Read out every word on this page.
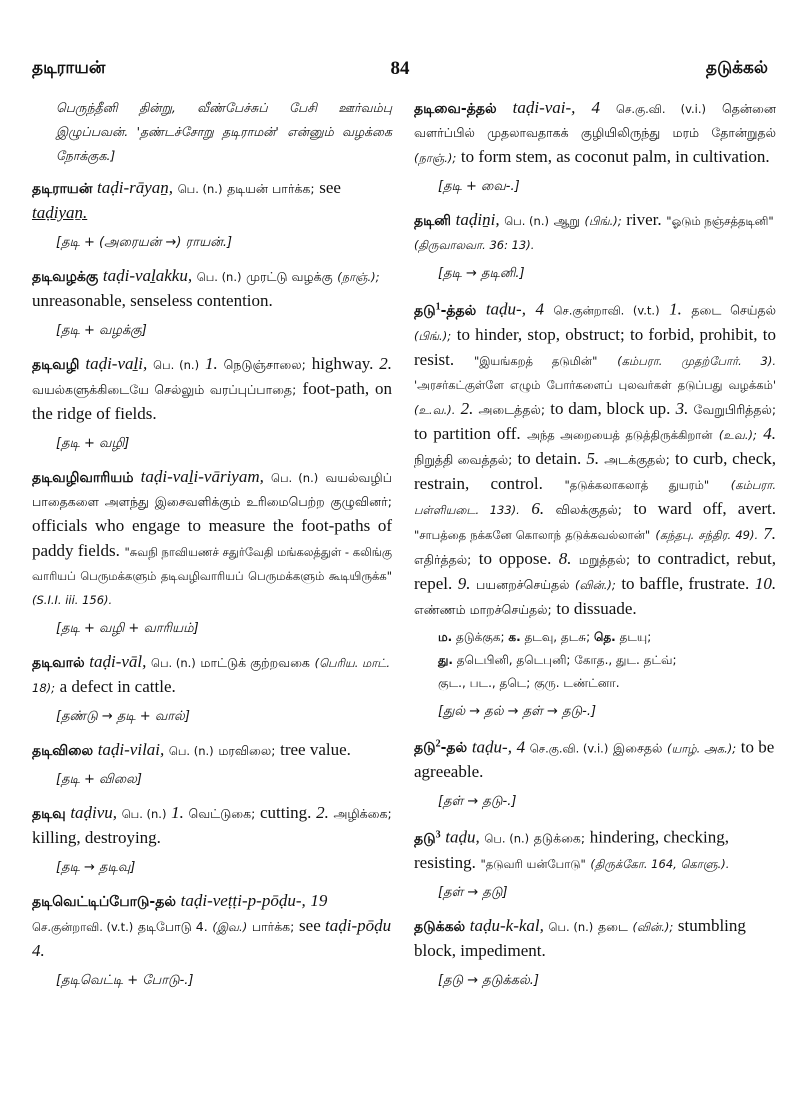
தடிராயன்	84	தடுக்கல்
பெருந்தீனி தின்று, வீண்பேச்சுப் பேசி ஊர்வம்பு இழுப்பவன். 'தண்டச்சோறு தடிராமன்' என்னும் வழக்கை நோக்குக.]
தடிராயன் taḍi-rāyaṉ, பெ. (n.) தடியன் பார்க்க; see taḍiyaṉ.
[தடி + (அரையன் →) ராயன்.]
தடிவழக்கு taḍi-vaḻakku, பெ. (n.) முரட்டு வழக்கு (நாஞ்.); unreasonable, senseless contention.
[தடி + வழக்கு]
தடிவழி taḍi-vaḻi, பெ. (n.) 1. நெடுஞ்சாலை; highway. 2. வயல்களுக்கிடையே செல்லும் வரப்புப்பாதை; foot-path, on the ridge of fields.
[தடி + வழி]
தடிவழிவாரியம் taḍi-vaḻi-vāriyam, பெ. (n.) வயல்வழிப் பாதைகளை அளந்து இசைவளிக்கும் உரிமைபெற்ற குழுவினர்; officials who engage to measure the foot-paths of paddy fields. "சுவநி நாவியணச் சதுர்வேதி மங்கலத்துள் - கலிங்கு வாரியப் பெருமக்களும் தடிவழிவாரியப் பெருமக்களும் கூடியிருக்க" (S.I.I. iii. 156).
[தடி + வழி + வாரியம்]
தடிவால் taḍi-vāl, பெ. (n.) மாட்டுக் குற்றவகை (பெரிய. மாட். 18); a defect in cattle.
[தண்டு → தடி + வால்]
தடிவிலை taḍi-vilai, பெ. (n.) மரவிலை; tree value.
[தடி + விலை]
தடிவு taḍivu, பெ. (n.) 1. வெட்டுகை; cutting. 2. அழிக்கை; killing, destroying.
[தடி → தடிவு]
தடிவெட்டிப்போடு-தல் taḍi-veṭṭi-p-pōḍu-, 19 செ.குன்றாவி. (v.t.) தடிபோடு 4. (இவ.) பார்க்க; see taḍi-pōḍu 4.
[தடிவெட்டி + போடு-.]
தடிவை-த்தல் taḍi-vai-, 4 செ.கு.வி. (v.i.) தென்னை வளர்ப்பில் முதலாவதாகக் குழியிலிருந்து மரம் தோன்றுதல் (நாஞ்.); to form stem, as coconut palm, in cultivation.
[தடி + வை-.]
தடினி taḍiṉi, பெ. (n.) ஆறு (பிங்.); river. "ஓடும் நஞ்சத்தடினி" (திருவாலவா. 36: 13).
[தடி → தடினி.]
தடு$^1$-த்தல் taḍu-, 4 செ.குன்றாவி. (v.t.) 1. தடை செய்தல் (பிங்.); to hinder, stop, obstruct; to forbid, prohibit, to resist. "இயங்கறத் தடுமின்" (கம்பரா. முதற்போர். 3). 'அரசர்கட்குள்ளே எழும் போர்களைப் புலவர்கள் தடுப்பது வழக்கம்' (உ.வ.). 2. அடைத்தல்; to dam, block up. 3. வேறுபிரித்தல்; to partition off. அந்த அறையைத் தடுத்திருக்கிறான் (உவ.); 4. நிறுத்தி வைத்தல்; to detain. 5. அடக்குதல்; to curb, check, restrain, control. "தடுக்கலாகலாத் துயரம்" (கம்பரா. பள்ளியடை. 133). 6. விலக்குதல்; to ward off, avert. "சாபத்தை நக்கனே கொலாந் தடுக்கவல்லான்" (கந்தபு. சந்திர. 49). 7. எதிர்த்தல்; to oppose. 8. மறுத்தல்; to contradict, rebut, repel. 9. பயனறச்செய்தல் (வின்.); to baffle, frustrate. 10. எண்ணம் மாறச்செய்தல்; to dissuade.
ம. தடுக்குக; க. தடவு, தடசு; தெ. தடயு;
து. தடெபினி, தடெபுனி; கோத., துட. தட்வ்;
குட., பட., தடெ; குரு. டண்ட்னா.
[துல் → தல் → தள் → தடு-.]
தடு$^2$-தல் taḍu-, 4 செ.கு.வி. (v.i.) இசைதல் (யாழ். அக.); to be agreeable.
[தள் → தடு-.]
தடு$^3$ taḍu, பெ. (n.) தடுக்கை; hindering, checking, resisting. "தடுவரி யன்போடு" (திருக்கோ. 164, கொளு.).
[தள் → தடு]
தடுக்கல் taḍu-k-kal, பெ. (n.) தடை (வின்.); stumbling block, impediment.
[தடு → தடுக்கல்.]
